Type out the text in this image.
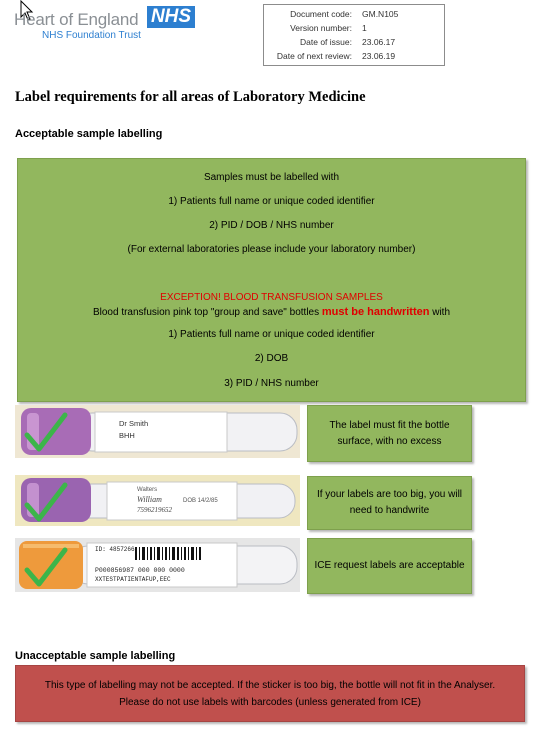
Heart of England NHS
NHS Foundation Trust
Document code: GM.N105
Version number: 1
Date of issue: 23.06.17
Date of next review: 23.06.19
Label requirements for all areas of Laboratory Medicine
Acceptable sample labelling
Samples must be labelled with
1) Patients full name or unique coded identifier
2) PID / DOB / NHS number
(For external laboratories please include your laboratory number)
EXCEPTION! BLOOD TRANSFUSION SAMPLES
Blood transfusion pink top "group and save" bottles must be handwritten with
1) Patients full name or unique coded identifier
2) DOB
3) PID / NHS number
Dr Smith
BHH
The label must fit the bottle surface, with no excess
Walters
William	DOB 14/2/85
7596219652
If your labels are too big, you will need to handwrite
ID: 4857266
P000856987 000 000 0000
XXTESTPATIENTAFUP,EEC
ICE request labels are acceptable
Unacceptable sample labelling
This type of labelling may not be accepted. If the sticker is too big, the bottle will not fit in the Analyser. Please do not use labels with barcodes (unless generated from ICE)
